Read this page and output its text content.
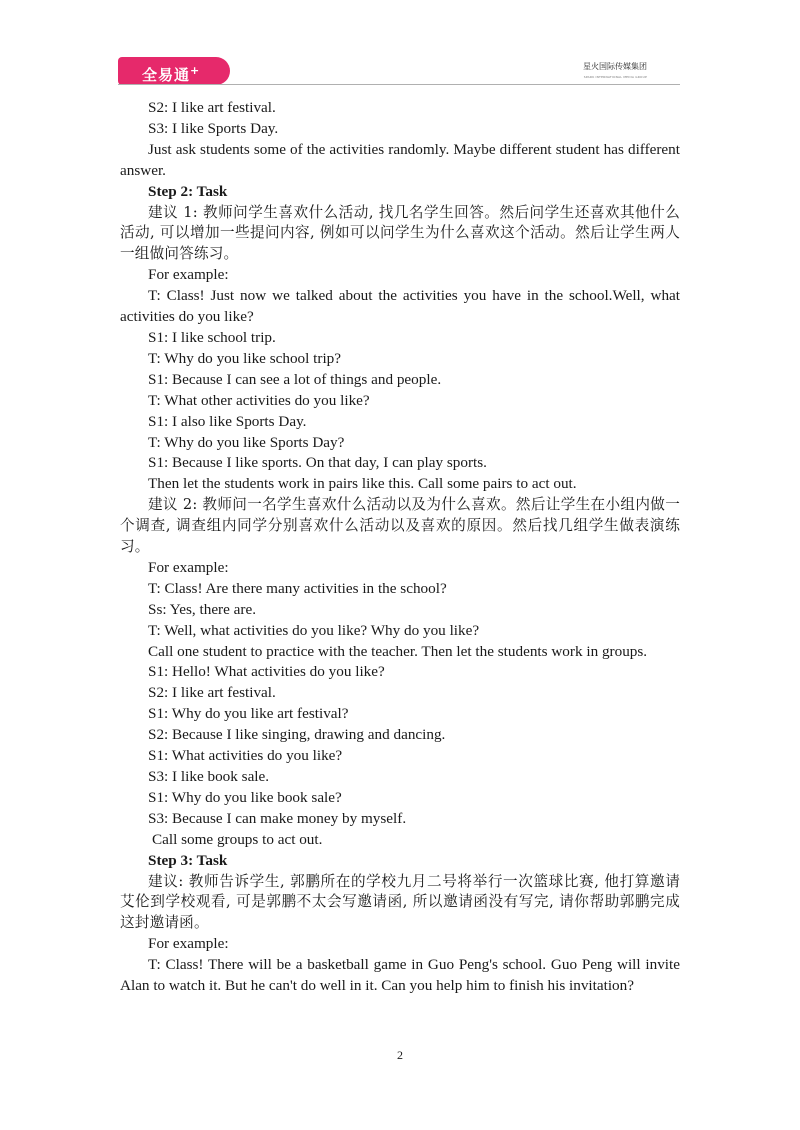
全易通+	星火国际传媒集团
SPARK INTERNATIONAL MEDIA GROUP

S2: I like art festival.

S3: I like Sports Day.

Just ask students some of the activities randomly. Maybe different student has different answer.

Step 2: Task

建议 1: 教师问学生喜欢什么活动, 找几名学生回答。然后问学生还喜欢其他什么活动, 可以增加一些提问内容, 例如可以问学生为什么喜欢这个活动。然后让学生两人一组做问答练习。

For example:

T: Class! Just now we talked about the activities you have in the school.Well, what activities do you like?

S1: I like school trip.

T: Why do you like school trip?

S1: Because I can see a lot of things and people.

T: What other activities do you like?

S1: I also like Sports Day.

T: Why do you like Sports Day?

S1: Because I like sports. On that day, I can play sports.

Then let the students work in pairs like this. Call some pairs to act out.

建议 2: 教师问一名学生喜欢什么活动以及为什么喜欢。然后让学生在小组内做一个调查, 调查组内同学分别喜欢什么活动以及喜欢的原因。然后找几组学生做表演练习。

For example:

T: Class! Are there many activities in the school?

Ss: Yes, there are.

T: Well, what activities do you like? Why do you like?

Call one student to practice with the teacher. Then let the students work in groups.

S1: Hello! What activities do you like?

S2: I like art festival.

S1: Why do you like art festival?

S2: Because I like singing, drawing and dancing.

S1: What activities do you like?

S3: I like book sale.

S1: Why do you like book sale?

S3: Because I can make money by myself.

Call some groups to act out.

Step 3: Task

建议: 教师告诉学生, 郭鹏所在的学校九月二号将举行一次篮球比赛, 他打算邀请艾伦到学校观看, 可是郭鹏不太会写邀请函, 所以邀请函没有写完, 请你帮助郭鹏完成这封邀请函。

For example:

T: Class! There will be a basketball game in Guo Peng's school. Guo Peng will invite Alan to watch it. But he can't do well in it. Can you help him to finish his invitation?

2
